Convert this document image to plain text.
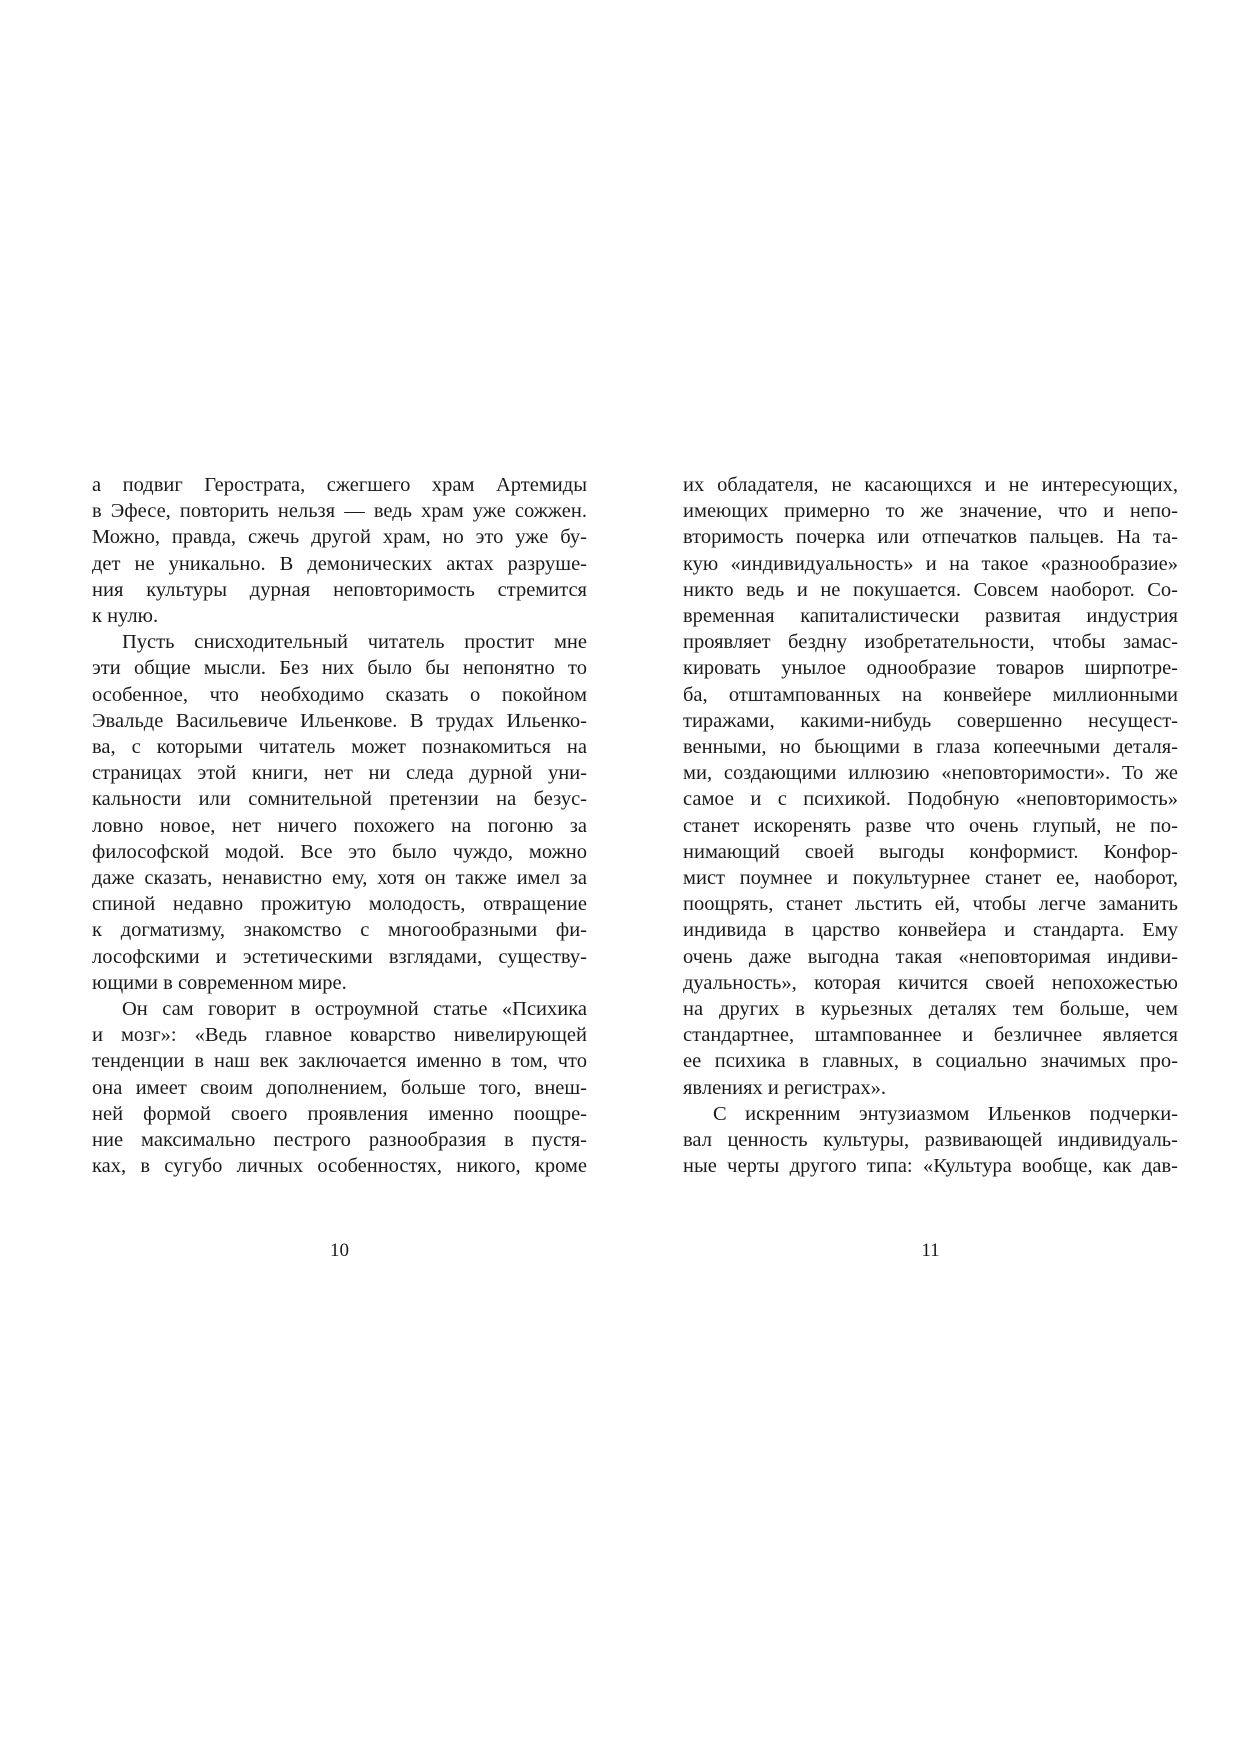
а подвиг Герострата, сжегшего храм Артемиды
в Эфесе, повторить нельзя — ведь храм уже сожжен.
Можно, правда, сжечь другой храм, но это уже бу-
дет не уникально. В демонических актах разруше-
ния культуры дурная неповторимость стремится
к нулю.
Пусть снисходительный читатель простит мне
эти общие мысли. Без них было бы непонятно то
особенное, что необходимо сказать о покойном
Эвальде Васильевиче Ильенкове. В трудах Ильенко-
ва, с которыми читатель может познакомиться на
страницах этой книги, нет ни следа дурной уни-
кальности или сомнительной претензии на безус-
ловно новое, нет ничего похожего на погоню за
философской модой. Все это было чуждо, можно
даже сказать, ненавистно ему, хотя он также имел за
спиной недавно прожитую молодость, отвращение
к догматизму, знакомство с многообразными фи-
лософскими и эстетическими взглядами, существу-
ющими в современном мире.
Он сам говорит в остроумной статье «Психика
и мозг»: «Ведь главное коварство нивелирующей
тенденции в наш век заключается именно в том, что
она имеет своим дополнением, больше того, внеш-
ней формой своего проявления именно поощре-
ние максимально пестрого разнообразия в пустя-
ках, в сугубо личных особенностях, никого, кроме
10
их обладателя, не касающихся и не интересующих,
имеющих примерно то же значение, что и непо-
вторимость почерка или отпечатков пальцев. На та-
кую «индивидуальность» и на такое «разнообразие»
никто ведь и не покушается. Совсем наоборот. Со-
временная капиталистически развитая индустрия
проявляет бездну изобретательности, чтобы замас-
кировать унылое однообразие товаров ширпотре-
ба, отштампованных на конвейере миллионными
тиражами, какими-нибудь совершенно несущест-
венными, но бьющими в глаза копеечными деталя-
ми, создающими иллюзию «неповторимости». То же
самое и с психикой. Подобную «неповторимость»
станет искоренять разве что очень глупый, не по-
нимающий своей выгоды конформист. Конфор-
мист поумнее и покультурнее станет ее, наоборот,
поощрять, станет льстить ей, чтобы легче заманить
индивида в царство конвейера и стандарта. Ему
очень даже выгодна такая «неповторимая индиви-
дуальность», которая кичится своей непохожестью
на других в курьезных деталях тем больше, чем
стандартнее, штампованнее и безличнее является
ее психика в главных, в социально значимых про-
явлениях и регистрах».
С искренним энтузиазмом Ильенков подчерки-
вал ценность культуры, развивающей индивидуаль-
ные черты другого типа: «Культура вообще, как дав-
11
